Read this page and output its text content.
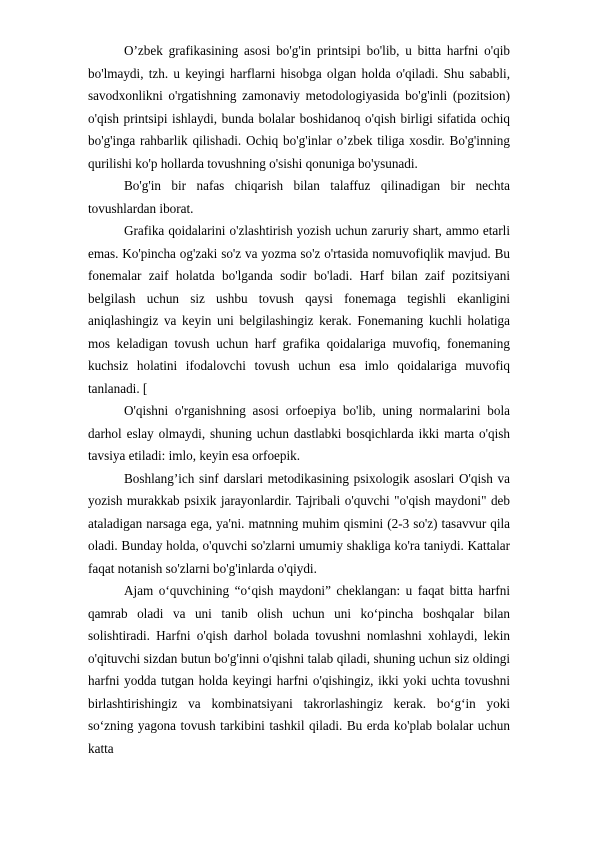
O’zbek grafikasining asosi bo'g'in printsipi bo'lib, u bitta harfni o'qib bo'lmaydi, tzh. u keyingi harflarni hisobga olgan holda o'qiladi. Shu sababli, savodxonlikni o'rgatishning zamonaviy metodologiyasida bo'g'inli (pozitsion) o'qish printsipi ishlaydi, bunda bolalar boshidanoq o'qish birligi sifatida ochiq bo'g'inga rahbarlik qilishadi. Ochiq bo'g'inlar o’zbek tiliga xosdir. Bo'g'inning qurilishi ko'p hollarda tovushning o'sishi qonuniga bo'ysunadi.

Bo'g'in bir nafas chiqarish bilan talaffuz qilinadigan bir nechta tovushlardan iborat.

Grafika qoidalarini o'zlashtirish yozish uchun zaruriy shart, ammo etarli emas. Ko'pincha og'zaki so'z va yozma so'z o'rtasida nomuvofiqlik mavjud. Bu fonemalar zaif holatda bo'lganda sodir bo'ladi. Harf bilan zaif pozitsiyani belgilash uchun siz ushbu tovush qaysi fonemaga tegishli ekanligini aniqlashingiz va keyin uni belgilashingiz kerak. Fonemaning kuchli holatiga mos keladigan tovush uchun harf grafika qoidalariga muvofiq, fonemaning kuchsiz holatini ifodalovchi tovush uchun esa imlo qoidalariga muvofiq tanlanadi. [

O'qishni o'rganishning asosi orfoepiya bo'lib, uning normalarini bola darhol eslay olmaydi, shuning uchun dastlabki bosqichlarda ikki marta o'qish tavsiya etiladi: imlo, keyin esa orfoepik.

Boshlang’ich sinf darslari metodikasining psixologik asoslari O'qish va yozish murakkab psixik jarayonlardir. Tajribali o'quvchi "o'qish maydoni" deb ataladigan narsaga ega, ya'ni. matnning muhim qismini (2-3 so'z) tasavvur qila oladi. Bunday holda, o'quvchi so'zlarni umumiy shakliga ko'ra taniydi. Kattalar faqat notanish so'zlarni bo'g'inlarda o'qiydi.

Ajam o‘quvchining “o‘qish maydoni” cheklangan: u faqat bitta harfni qamrab oladi va uni tanib olish uchun uni ko‘pincha boshqalar bilan solishtiradi. Harfni o'qish darhol bolada tovushni nomlashni xohlaydi, lekin o'qituvchi sizdan butun bo'g'inni o'qishni talab qiladi, shuning uchun siz oldingi harfni yodda tutgan holda keyingi harfni o'qishingiz, ikki yoki uchta tovushni birlashtirishingiz va kombinatsiyani takrorlashingiz kerak. bo‘g‘in yoki so‘zning yagona tovush tarkibini tashkil qiladi. Bu erda ko'plab bolalar uchun katta
